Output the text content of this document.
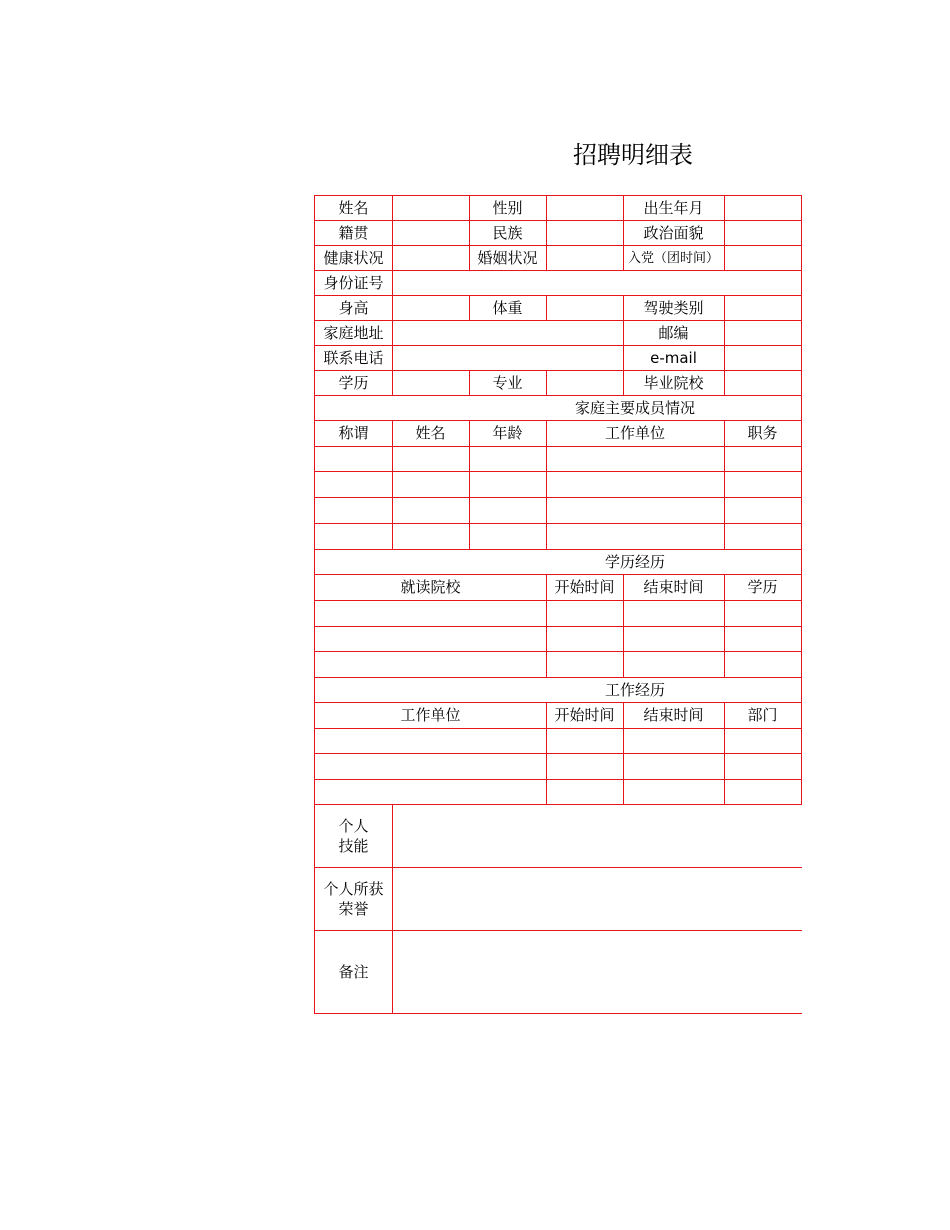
招聘明细表
姓名	性别	出生年月
籍贯	民族	政治面貌
健康状况	婚姻状况	入党（团时间）
身份证号
身高	体重	驾驶类别
家庭地址	邮编
联系电话	e-mail
学历	专业	毕业院校
家庭主要成员情况
称谓	姓名	年龄	工作单位	职务
学历经历
就读院校	开始时间	结束时间	学历
工作经历
工作单位	开始时间	结束时间	部门
个人
技能
个人所获
荣誉
备注
